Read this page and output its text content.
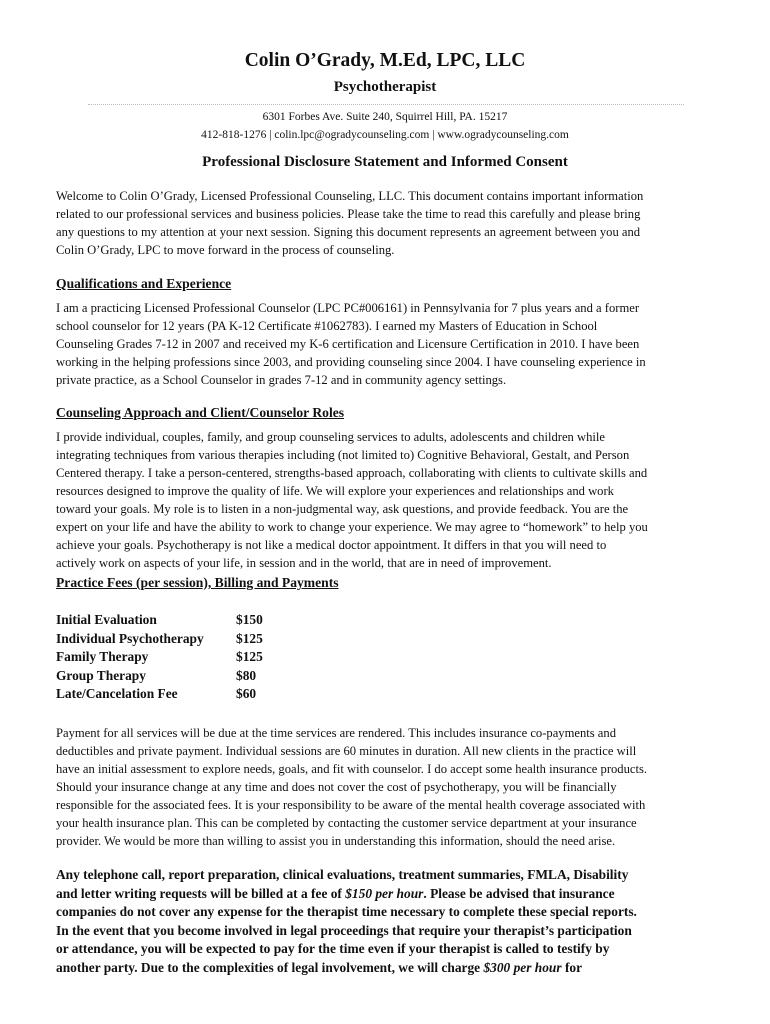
Colin O’Grady, M.Ed, LPC, LLC
Psychotherapist
6301 Forbes Ave. Suite 240, Squirrel Hill, PA. 15217
412-818-1276 | colin.lpc@ogradycounseling.com | www.ogradycounseling.com
Professional Disclosure Statement and Informed Consent

Welcome to Colin O’Grady, Licensed Professional Counseling, LLC. This document contains important information
related to our professional services and business policies. Please take the time to read this carefully and please bring
any questions to my attention at your next session. Signing this document represents an agreement between you and
Colin O’Grady, LPC to move forward in the process of counseling.

Qualifications and Experience

I am a practicing Licensed Professional Counselor (LPC PC#006161) in Pennsylvania for 7 plus years and a former
school counselor for 12 years (PA K-12 Certificate #1062783). I earned my Masters of Education in School
Counseling Grades 7-12 in 2007 and received my K-6 certification and Licensure Certification in 2010. I have been
working in the helping professions since 2003, and providing counseling since 2004. I have counseling experience in
private practice, as a School Counselor in grades 7-12 and in community agency settings.

Counseling Approach and Client/Counselor Roles

I provide individual, couples, family, and group counseling services to adults, adolescents and children while
integrating techniques from various therapies including (not limited to) Cognitive Behavioral, Gestalt, and Person
Centered therapy. I take a person-centered, strengths-based approach, collaborating with clients to cultivate skills and
resources designed to improve the quality of life. We will explore your experiences and relationships and work
toward your goals. My role is to listen in a non-judgmental way, ask questions, and provide feedback. You are the
expert on your life and have the ability to work to change your experience. We may agree to “homework” to help you
achieve your goals. Psychotherapy is not like a medical doctor appointment. It differs in that you will need to
actively work on aspects of your life, in session and in the world, that are in need of improvement.

Practice Fees (per session), Billing and Payments
Initial Evaluation	$150
Individual Psychotherapy	$125
Family Therapy	$125
Group Therapy	$80
Late/Cancelation Fee	$60

Payment for all services will be due at the time services are rendered. This includes insurance co-payments and
deductibles and private payment. Individual sessions are 60 minutes in duration. All new clients in the practice will
have an initial assessment to explore needs, goals, and fit with counselor. I do accept some health insurance products.
Should your insurance change at any time and does not cover the cost of psychotherapy, you will be financially
responsible for the associated fees. It is your responsibility to be aware of the mental health coverage associated with
your health insurance plan. This can be completed by contacting the customer service department at your insurance
provider. We would be more than willing to assist you in understanding this information, should the need arise.

Any telephone call, report preparation, clinical evaluations, treatment summaries, FMLA, Disability
and letter writing requests will be billed at a fee of $150 per hour. Please be advised that insurance
companies do not cover any expense for the therapist time necessary to complete these special reports.
In the event that you become involved in legal proceedings that require your therapist’s participation
or attendance, you will be expected to pay for the time even if your therapist is called to testify by
another party. Due to the complexities of legal involvement, we will charge $300 per hour for
